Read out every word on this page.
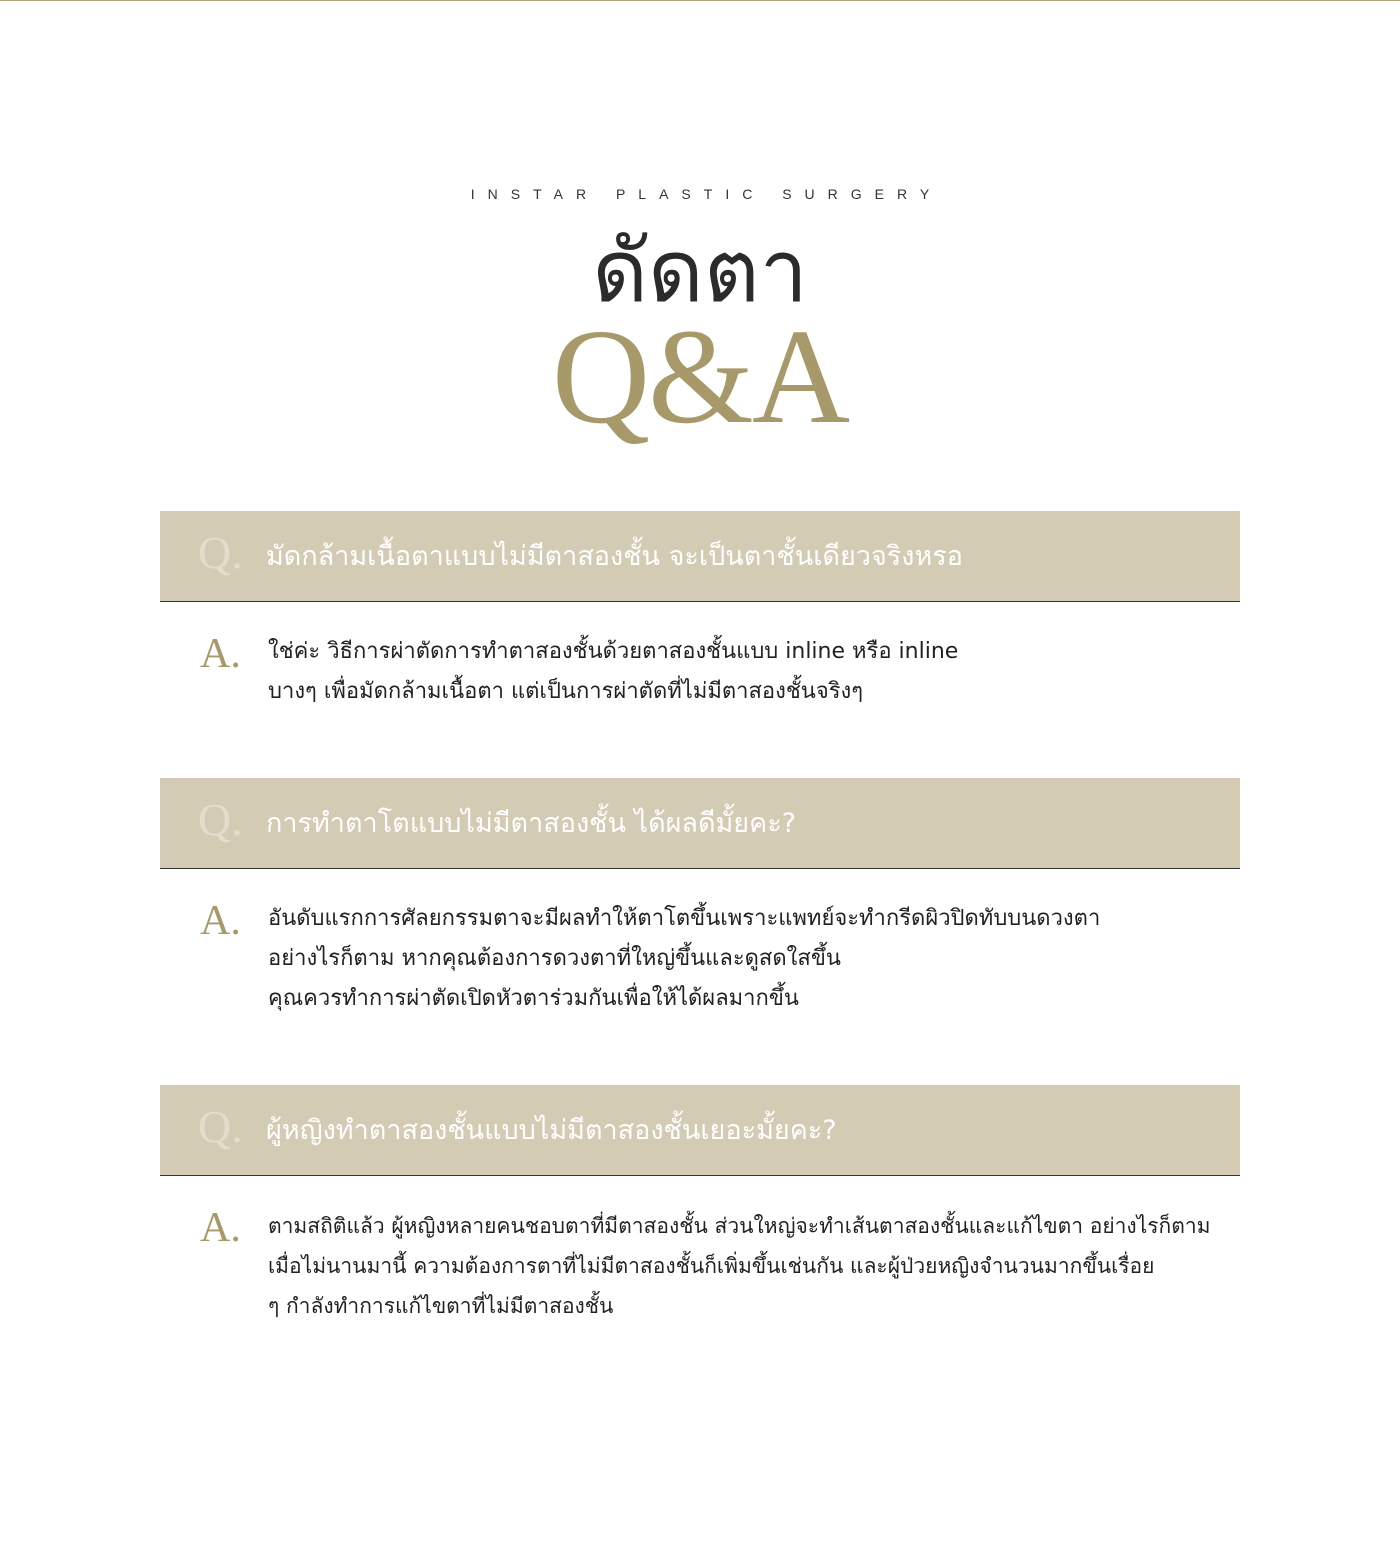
INSTAR PLASTIC SURGERY
ดัดตา
Q&A
Q. มัดกล้ามเนื้อตาแบบไม่มีตาสองชั้น จะเป็นตาชั้นเดียวจริงหรอ
A. ใช่ค่ะ วิธีการผ่าตัดการทำตาสองชั้นด้วยตาสองชั้นแบบ inline หรือ inline
บางๆ เพื่อมัดกล้ามเนื้อตา แต่เป็นการผ่าตัดที่ไม่มีตาสองชั้นจริงๆ
Q. การทำตาโตแบบไม่มีตาสองชั้น ได้ผลดีมั้ยคะ?
A. อันดับแรกการศัลยกรรมตาจะมีผลทำให้ตาโตขึ้นเพราะแพทย์จะทำกรีดผิวปิดทับบนดวงตา
อย่างไรก็ตาม หากคุณต้องการดวงตาที่ใหญ่ขึ้นและดูสดใสขึ้น
คุณควรทำการผ่าตัดเปิดหัวตาร่วมกันเพื่อให้ได้ผลมากขึ้น
Q. ผู้หญิงทำตาสองชั้นแบบไม่มีตาสองชั้นเยอะมั้ยคะ?
A. ตามสถิติแล้ว ผู้หญิงหลายคนชอบตาที่มีตาสองชั้น ส่วนใหญ่จะทำเส้นตาสองชั้นและแก้ไขตา อย่างไรก็ตาม
เมื่อไม่นานมานี้ ความต้องการตาที่ไม่มีตาสองชั้นก็เพิ่มขึ้นเช่นกัน และผู้ป่วยหญิงจำนวนมากขึ้นเรื่อย
ๆ กำลังทำการแก้ไขตาที่ไม่มีตาสองชั้น
